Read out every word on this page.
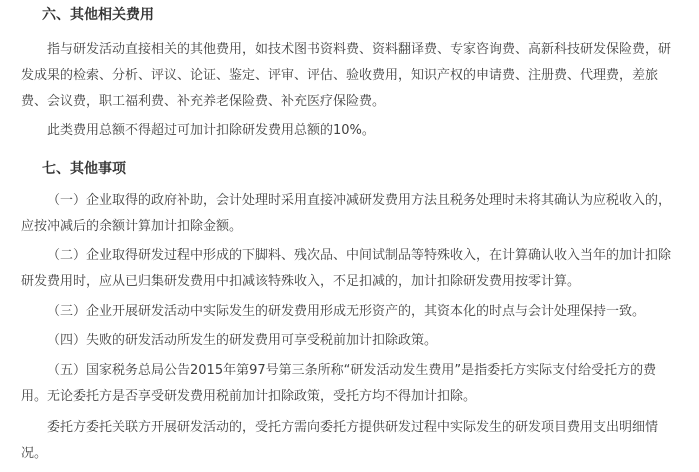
六、其他相关费用
指与研发活动直接相关的其他费用，如技术图书资料费、资料翻译费、专家咨询费、高新科技研发保险费，研
发成果的检索、分析、评议、论证、鉴定、评审、评估、验收费用，知识产权的申请费、注册费、代理费，差旅
费、会议费，职工福利费、补充养老保险费、补充医疗保险费。
此类费用总额不得超过可加计扣除研发费用总额的10%。
七、其他事项
（一）企业取得的政府补助，会计处理时采用直接冲减研发费用方法且税务处理时未将其确认为应税收入的，
应按冲减后的余额计算加计扣除金额。
（二）企业取得研发过程中形成的下脚料、残次品、中间试制品等特殊收入，在计算确认收入当年的加计扣除
研发费用时，应从已归集研发费用中扣减该特殊收入，不足扣减的，加计扣除研发费用按零计算。
（三）企业开展研发活动中实际发生的研发费用形成无形资产的，其资本化的时点与会计处理保持一致。
（四）失败的研发活动所发生的研发费用可享受税前加计扣除政策。
（五）国家税务总局公告2015年第97号第三条所称“研发活动发生费用”是指委托方实际支付给受托方的费
用。无论委托方是否享受研发费用税前加计扣除政策，受托方均不得加计扣除。
委托方委托关联方开展研发活动的，受托方需向委托方提供研发过程中实际发生的研发项目费用支出明细情
况。
